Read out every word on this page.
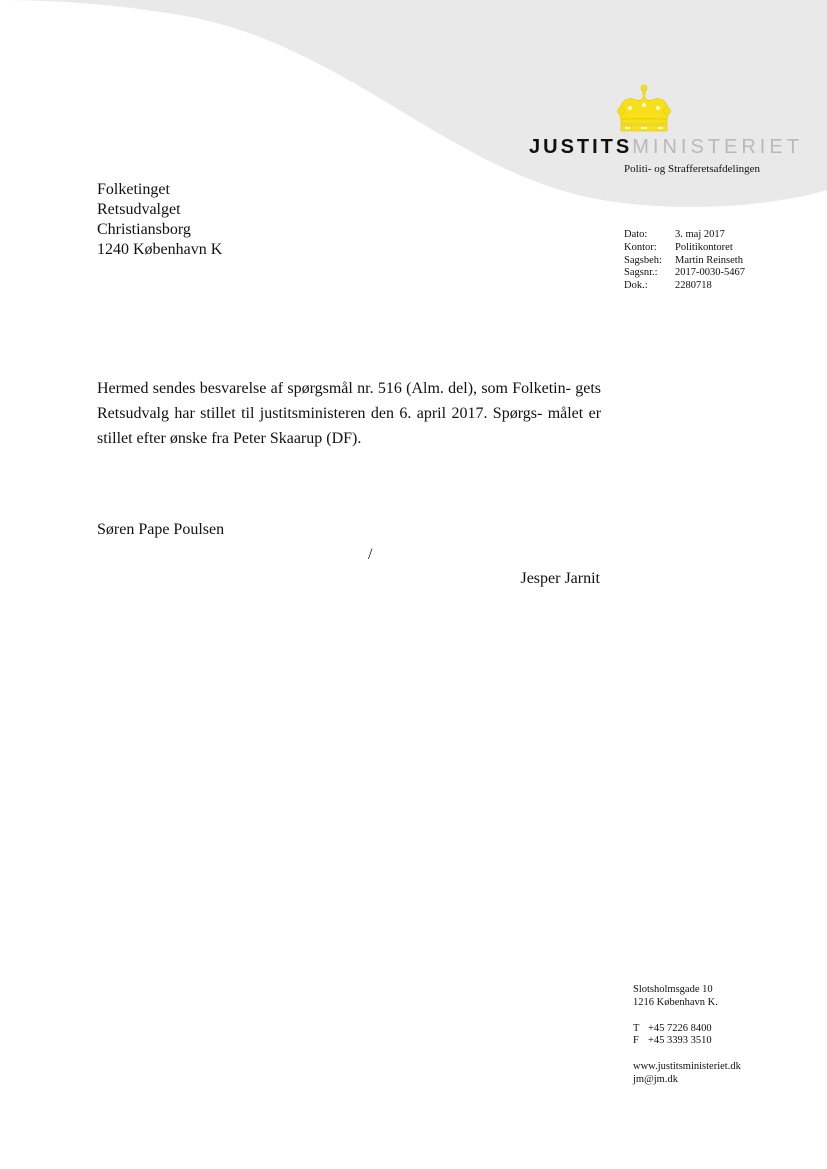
JUSTITSMINISTERIET
Politi- og Strafferetsafdelingen
Folketinget
Retsudvalget
Christiansborg
1240 København K
Dato:	3. maj 2017
Kontor:	Politikontoret
Sagsbeh:	Martin Reinseth
Sagsnr.:	2017-0030-5467
Dok.:	2280718
Hermed sendes besvarelse af spørgsmål nr. 516 (Alm. del), som Folketin- gets Retsudvalg har stillet til justitsministeren den 6. april 2017. Spørgs- målet er stillet efter ønske fra Peter Skaarup (DF).
Søren Pape Poulsen
/
Jesper Jarnit
Slotsholmsgade 10
1216 København K.
T +45 7226 8400
F +45 3393 3510
www.justitsministeriet.dk
jm@jm.dk
